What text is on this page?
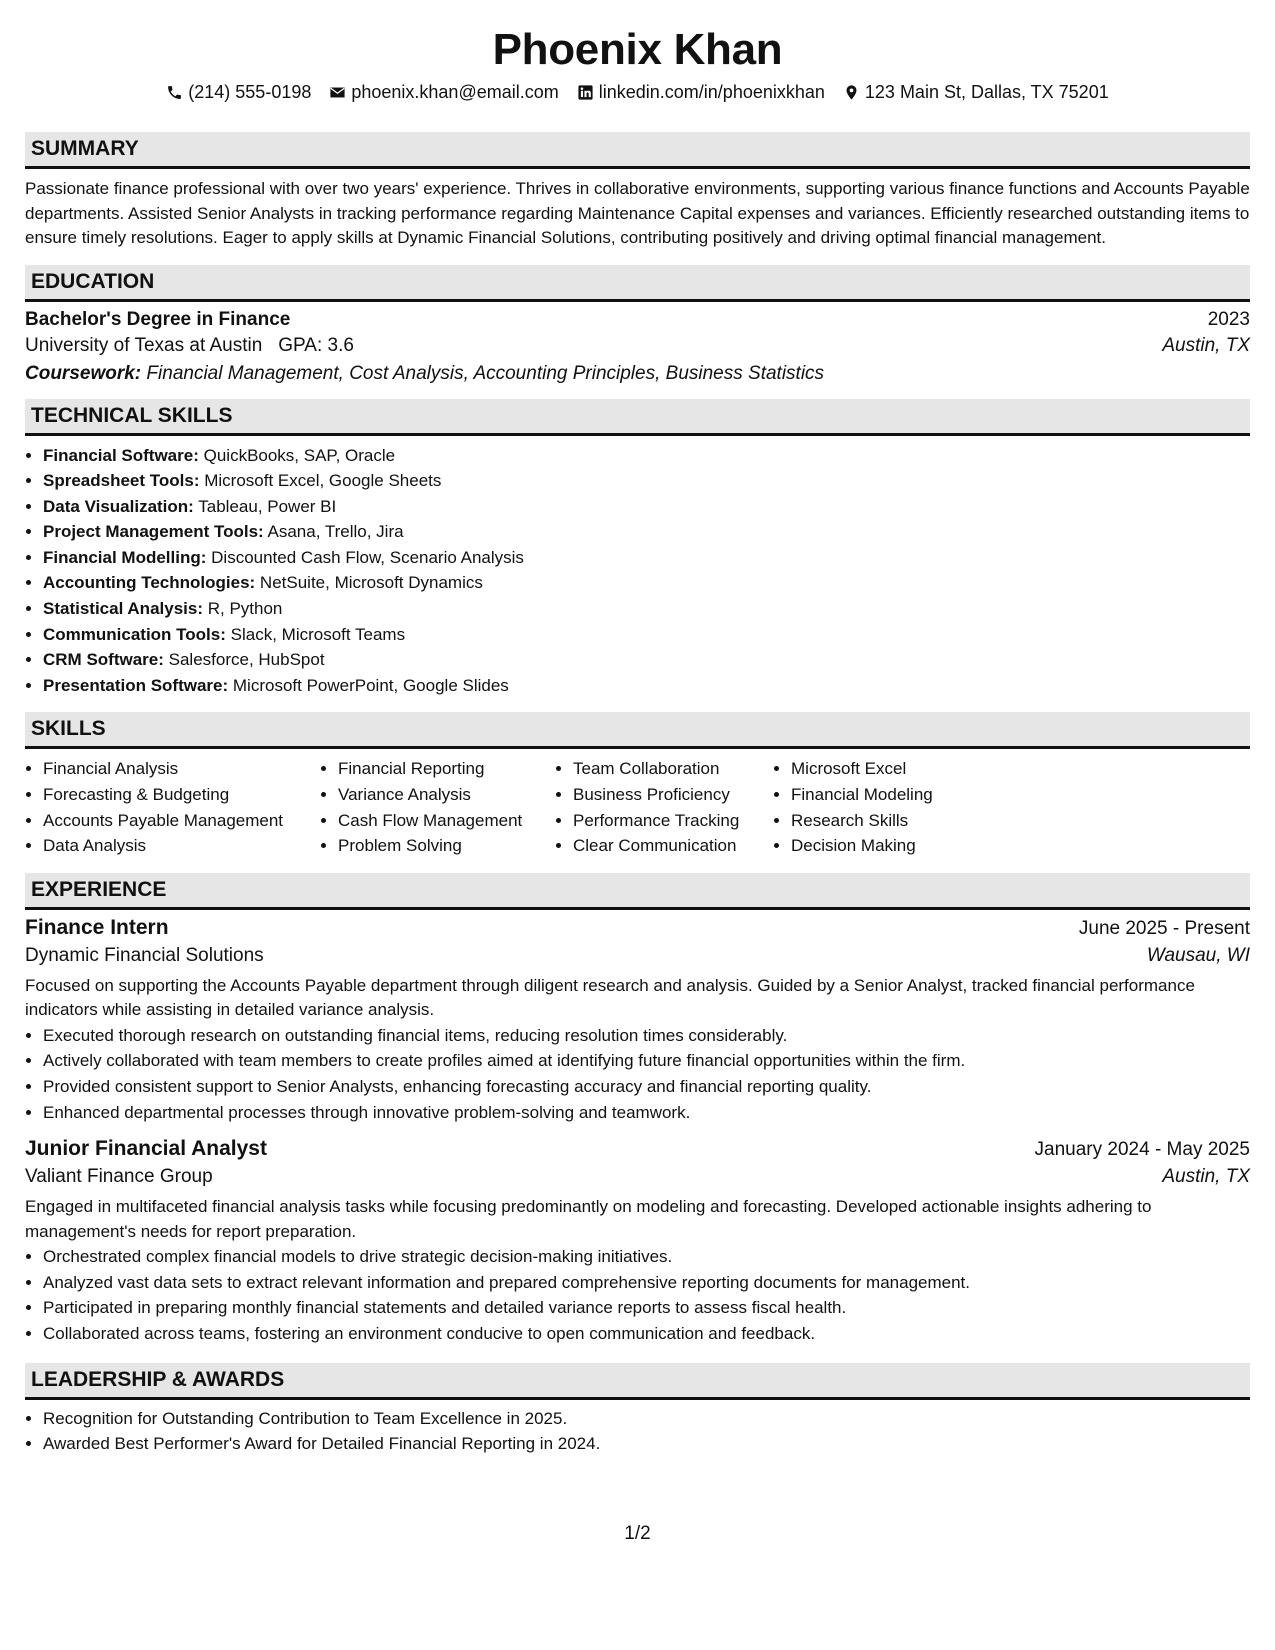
Phoenix Khan
(214) 555-0198 phoenix.khan@email.com linkedin.com/in/phoenixkhan 123 Main St, Dallas, TX 75201
SUMMARY

Passionate finance professional with over two years' experience. Thrives in collaborative environments, supporting various finance functions and Accounts Payable departments. Assisted Senior Analysts in tracking performance regarding Maintenance Capital expenses and variances. Efficiently researched outstanding items to ensure timely resolutions. Eager to apply skills at Dynamic Financial Solutions, contributing positively and driving optimal financial management.

EDUCATION
Bachelor's Degree in Finance	2023
University of Texas at Austin GPA: 3.6	Austin, TX
Coursework: Financial Management, Cost Analysis, Accounting Principles, Business Statistics
TECHNICAL SKILLS
• Financial Software: QuickBooks, SAP, Oracle
• Spreadsheet Tools: Microsoft Excel, Google Sheets
• Data Visualization: Tableau, Power BI
• Project Management Tools: Asana, Trello, Jira
• Financial Modelling: Discounted Cash Flow, Scenario Analysis
• Accounting Technologies: NetSuite, Microsoft Dynamics
• Statistical Analysis: R, Python
• Communication Tools: Slack, Microsoft Teams
• CRM Software: Salesforce, HubSpot
• Presentation Software: Microsoft PowerPoint, Google Slides
SKILLS
• Financial Analysis
• Forecasting & Budgeting
• Accounts Payable Management
• Data Analysis
• Financial Reporting
• Variance Analysis
• Cash Flow Management
• Problem Solving
• Team Collaboration
• Business Proficiency
• Performance Tracking
• Clear Communication
• Microsoft Excel
• Financial Modeling
• Research Skills
• Decision Making
EXPERIENCE
Finance Intern	June 2025 - Present
Dynamic Financial Solutions	Wausau, WI
Focused on supporting the Accounts Payable department through diligent research and analysis. Guided by a Senior Analyst, tracked financial performance indicators while assisting in detailed variance analysis.
• Executed thorough research on outstanding financial items, reducing resolution times considerably.
• Actively collaborated with team members to create profiles aimed at identifying future financial opportunities within the firm.
• Provided consistent support to Senior Analysts, enhancing forecasting accuracy and financial reporting quality.
• Enhanced departmental processes through innovative problem-solving and teamwork.
Junior Financial Analyst	January 2024 - May 2025
Valiant Finance Group	Austin, TX
Engaged in multifaceted financial analysis tasks while focusing predominantly on modeling and forecasting. Developed actionable insights adhering to management's needs for report preparation.
• Orchestrated complex financial models to drive strategic decision-making initiatives.
• Analyzed vast data sets to extract relevant information and prepared comprehensive reporting documents for management.
• Participated in preparing monthly financial statements and detailed variance reports to assess fiscal health.
• Collaborated across teams, fostering an environment conducive to open communication and feedback.
LEADERSHIP & AWARDS
• Recognition for Outstanding Contribution to Team Excellence in 2025.
• Awarded Best Performer's Award for Detailed Financial Reporting in 2024.
1/2
